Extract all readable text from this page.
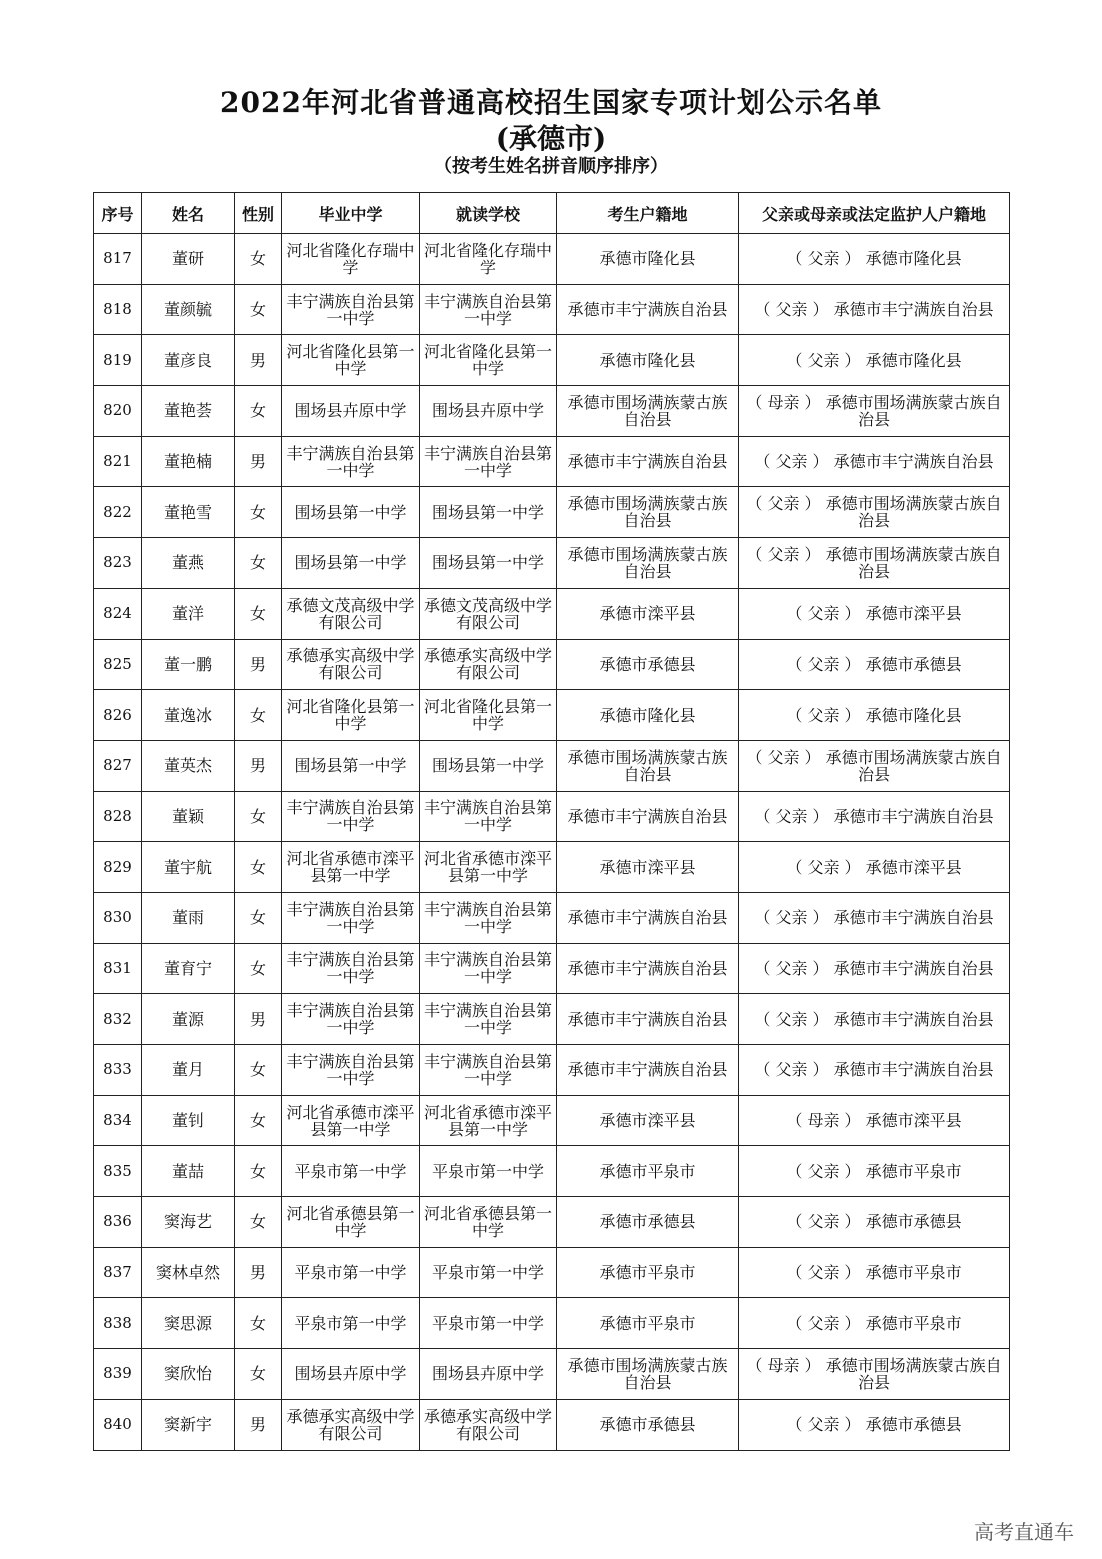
2022年河北省普通高校招生国家专项计划公示名单
(承德市)
（按考生姓名拼音顺序排序）
序号	姓名	性别	毕业中学	就读学校	考生户籍地	父亲或母亲或法定监护人户籍地
817	董研	女	河北省隆化存瑞中学	河北省隆化存瑞中学	承德市隆化县	（ 父亲 ） 承德市隆化县
818	董颜毓	女	丰宁满族自治县第一中学	丰宁满族自治县第一中学	承德市丰宁满族自治县	（ 父亲 ） 承德市丰宁满族自治县
819	董彦良	男	河北省隆化县第一中学	河北省隆化县第一中学	承德市隆化县	（ 父亲 ） 承德市隆化县
820	董艳荟	女	围场县卉原中学	围场县卉原中学	承德市围场满族蒙古族自治县	（ 母亲 ） 承德市围场满族蒙古族自治县
821	董艳楠	男	丰宁满族自治县第一中学	丰宁满族自治县第一中学	承德市丰宁满族自治县	（ 父亲 ） 承德市丰宁满族自治县
822	董艳雪	女	围场县第一中学	围场县第一中学	承德市围场满族蒙古族自治县	（ 父亲 ） 承德市围场满族蒙古族自治县
823	董燕	女	围场县第一中学	围场县第一中学	承德市围场满族蒙古族自治县	（ 父亲 ） 承德市围场满族蒙古族自治县
824	董洋	女	承德文茂高级中学有限公司	承德文茂高级中学有限公司	承德市滦平县	（ 父亲 ） 承德市滦平县
825	董一鹏	男	承德承实高级中学有限公司	承德承实高级中学有限公司	承德市承德县	（ 父亲 ） 承德市承德县
826	董逸冰	女	河北省隆化县第一中学	河北省隆化县第一中学	承德市隆化县	（ 父亲 ） 承德市隆化县
827	董英杰	男	围场县第一中学	围场县第一中学	承德市围场满族蒙古族自治县	（ 父亲 ） 承德市围场满族蒙古族自治县
828	董颖	女	丰宁满族自治县第一中学	丰宁满族自治县第一中学	承德市丰宁满族自治县	（ 父亲 ） 承德市丰宁满族自治县
829	董宇航	女	河北省承德市滦平县第一中学	河北省承德市滦平县第一中学	承德市滦平县	（ 父亲 ） 承德市滦平县
830	董雨	女	丰宁满族自治县第一中学	丰宁满族自治县第一中学	承德市丰宁满族自治县	（ 父亲 ） 承德市丰宁满族自治县
831	董育宁	女	丰宁满族自治县第一中学	丰宁满族自治县第一中学	承德市丰宁满族自治县	（ 父亲 ） 承德市丰宁满族自治县
832	董源	男	丰宁满族自治县第一中学	丰宁满族自治县第一中学	承德市丰宁满族自治县	（ 父亲 ） 承德市丰宁满族自治县
833	董月	女	丰宁满族自治县第一中学	丰宁满族自治县第一中学	承德市丰宁满族自治县	（ 父亲 ） 承德市丰宁满族自治县
834	董钊	女	河北省承德市滦平县第一中学	河北省承德市滦平县第一中学	承德市滦平县	（ 母亲 ） 承德市滦平县
835	董喆	女	平泉市第一中学	平泉市第一中学	承德市平泉市	（ 父亲 ） 承德市平泉市
836	窦海艺	女	河北省承德县第一中学	河北省承德县第一中学	承德市承德县	（ 父亲 ） 承德市承德县
837	窦林卓然	男	平泉市第一中学	平泉市第一中学	承德市平泉市	（ 父亲 ） 承德市平泉市
838	窦思源	女	平泉市第一中学	平泉市第一中学	承德市平泉市	（ 父亲 ） 承德市平泉市
839	窦欣怡	女	围场县卉原中学	围场县卉原中学	承德市围场满族蒙古族自治县	（ 母亲 ） 承德市围场满族蒙古族自治县
840	窦新宇	男	承德承实高级中学有限公司	承德承实高级中学有限公司	承德市承德县	（ 父亲 ） 承德市承德县
高考直通车
